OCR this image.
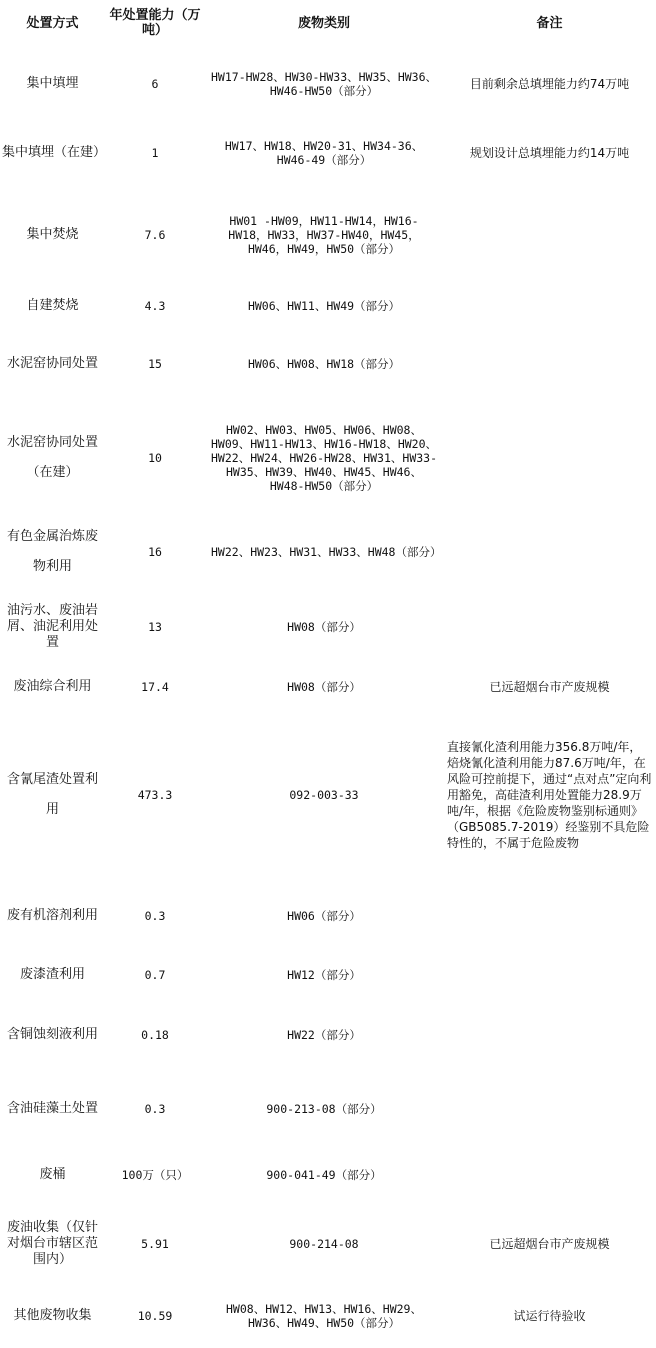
处置方式	年处置能力（万吨）	废物类别	备注
集中填埋	6	HW17-HW28、HW30-HW33、HW35、HW36、HW46-HW50（部分）	目前剩余总填埋能力约74万吨
集中填埋（在建）	1	HW17、HW18、HW20-31、HW34-36、HW46-49（部分）	规划设计总填埋能力约14万吨
集中焚烧	7.6	HW01 -HW09，HW11-HW14，HW16-HW18，HW33，HW37-HW40，HW45，HW46，HW49，HW50（部分）	
自建焚烧	4.3	HW06、HW11、HW49（部分）	
水泥窑协同处置	15	HW06、HW08、HW18（部分）	
水泥窑协同处置（在建）	10	HW02、HW03、HW05、HW06、HW08、HW09、HW11-HW13、HW16-HW18、HW20、HW22、HW24、HW26-HW28、HW31、HW33-HW35、HW39、HW40、HW45、HW46、HW48-HW50（部分）	
有色金属治炼废物利用	16	HW22、HW23、HW31、HW33、HW48（部分）	
油污水、废油岩屑、油泥利用处置	13	HW08（部分）	
废油综合利用	17.4	HW08（部分）	已远超烟台市产废规模
含氰尾渣处置利用	473.3	092-003-33	直接氰化渣利用能力356.8万吨/年，焙烧氰化渣利用能力87.6万吨/年，在风险可控前提下，通过“点对点”定向利用豁免，高硅渣利用处置能力28.9万吨/年，根据《危险废物鉴别标通则》（GB5085.7-2019）经鉴别不具危险特性的，不属于危险废物
废有机溶剂利用	0.3	HW06（部分）	
废漆渣利用	0.7	HW12（部分）	
含铜蚀刻液利用	0.18	HW22（部分）	
含油硅藻土处置	0.3	900-213-08（部分）	
废桶	100万（只）	900-041-49（部分）	
废油收集（仅针对烟台市辖区范围内）	5.91	900-214-08	已远超烟台市产废规模
其他废物收集	10.59	HW08、HW12、HW13、HW16、HW29、HW36、HW49、HW50（部分）	试运行待验收
